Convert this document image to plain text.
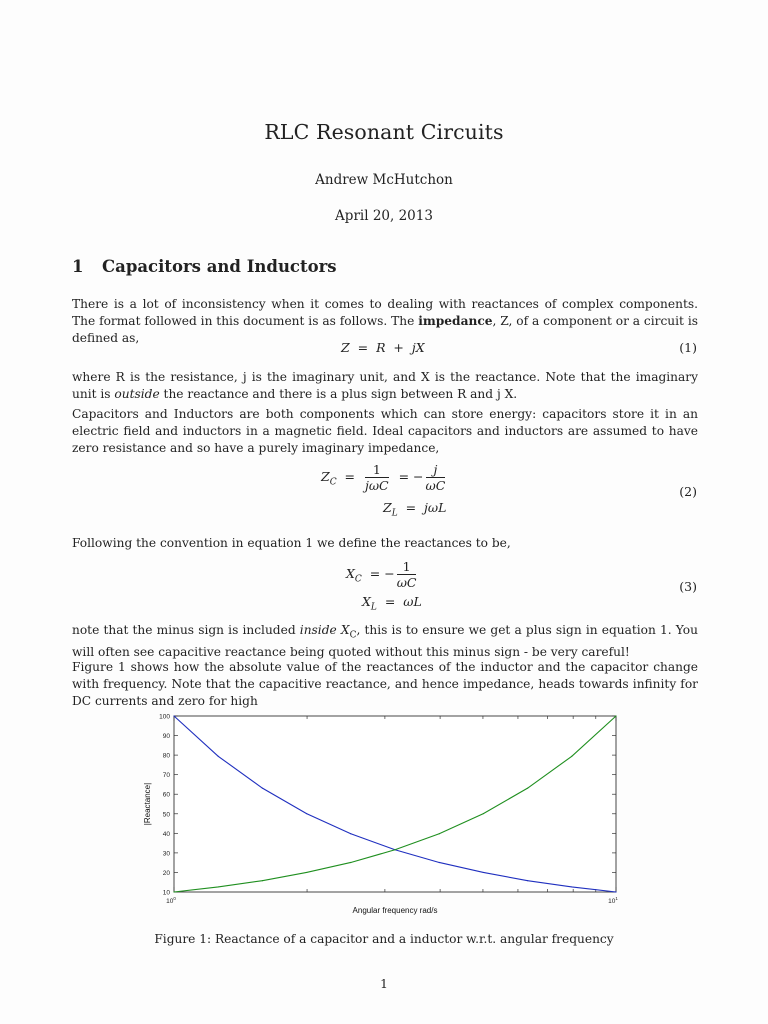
RLC Resonant Circuits
Andrew McHutchon
April 20, 2013
1 Capacitors and Inductors
There is a lot of inconsistency when it comes to dealing with reactances of complex components. The format followed in this document is as follows. The impedance, Z, of a component or a circuit is defined as,
Z  =  R  +  jX	(1)
where R is the resistance, j is the imaginary unit, and X is the reactance. Note that the imaginary unit is outside the reactance and there is a plus sign between R and j X.
Capacitors and Inductors are both components which can store energy: capacitors store it in an electric field and inductors in a magnetic field. Ideal capacitors and inductors are assumed to have zero resistance and so have a purely imaginary impedance,
$Z_C = \frac{1}{\text{jωC}}$ = − $\frac{j}{\omega C}$	(2)
$Z_L = j\omega L$
Following the convention in equation 1 we define the reactances to be,
$X_C$  = − $\frac{1}{\omega C}$	(3)
$X_L = \omega L$
note that the minus sign is included inside $X_C$, this is to ensure we get a plus sign in equation 1. You will often see capacitive reactance being quoted without this minus sign - be very careful!
Figure 1 shows how the absolute value of the reactances of the inductor and the capacitor change with frequency. Note that the capacitive reactance, and hence impedance, heads towards infinity for DC currents and zero for high
10
20
30
40
50
60
70
80
90
100
$10^0$	$10^1$
Angular frequency rad/s
|Reactance|
Figure 1: Reactance of a capacitor and a inductor w.r.t. angular frequency
1
